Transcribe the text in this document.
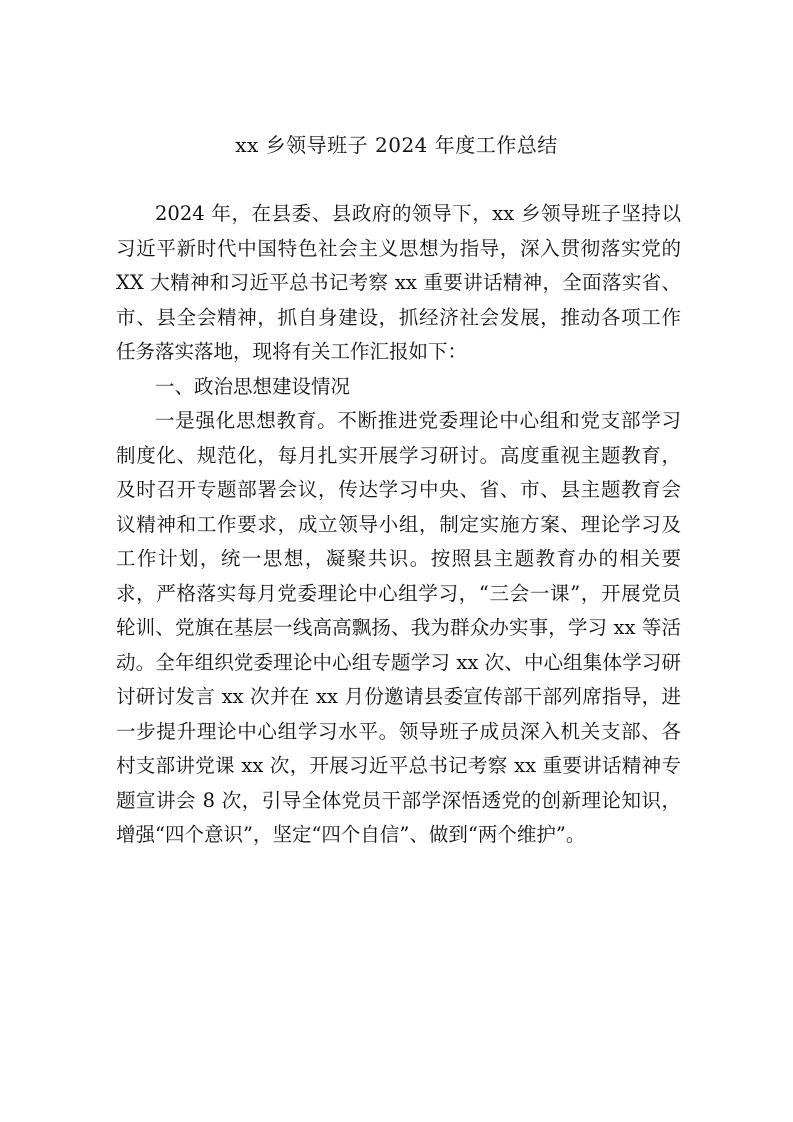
xx 乡领导班子 2024 年度工作总结

2024 年，在县委、县政府的领导下，xx 乡领导班子坚持以习近平新时代中国特色社会主义思想为指导，深入贯彻落实党的 XX 大精神和习近平总书记考察 xx 重要讲话精神，全面落实省、市、县全会精神，抓自身建设，抓经济社会发展，推动各项工作任务落实落地，现将有关工作汇报如下：

一、政治思想建设情况

一是强化思想教育。不断推进党委理论中心组和党支部学习制度化、规范化，每月扎实开展学习研讨。高度重视主题教育，及时召开专题部署会议，传达学习中央、省、市、县主题教育会议精神和工作要求，成立领导小组，制定实施方案、理论学习及工作计划，统一思想，凝聚共识。按照县主题教育办的相关要求，严格落实每月党委理论中心组学习，“三会一课”，开展党员轮训、党旗在基层一线高高飘扬、我为群众办实事，学习 xx 等活动。全年组织党委理论中心组专题学习 xx 次、中心组集体学习研讨研讨发言 xx 次并在 xx 月份邀请县委宣传部干部列席指导，进一步提升理论中心组学习水平。领导班子成员深入机关支部、各村支部讲党课 xx 次，开展习近平总书记考察 xx 重要讲话精神专题宣讲会 8 次，引导全体党员干部学深悟透党的创新理论知识，增强“四个意识”，坚定“四个自信”、做到“两个维护”。
